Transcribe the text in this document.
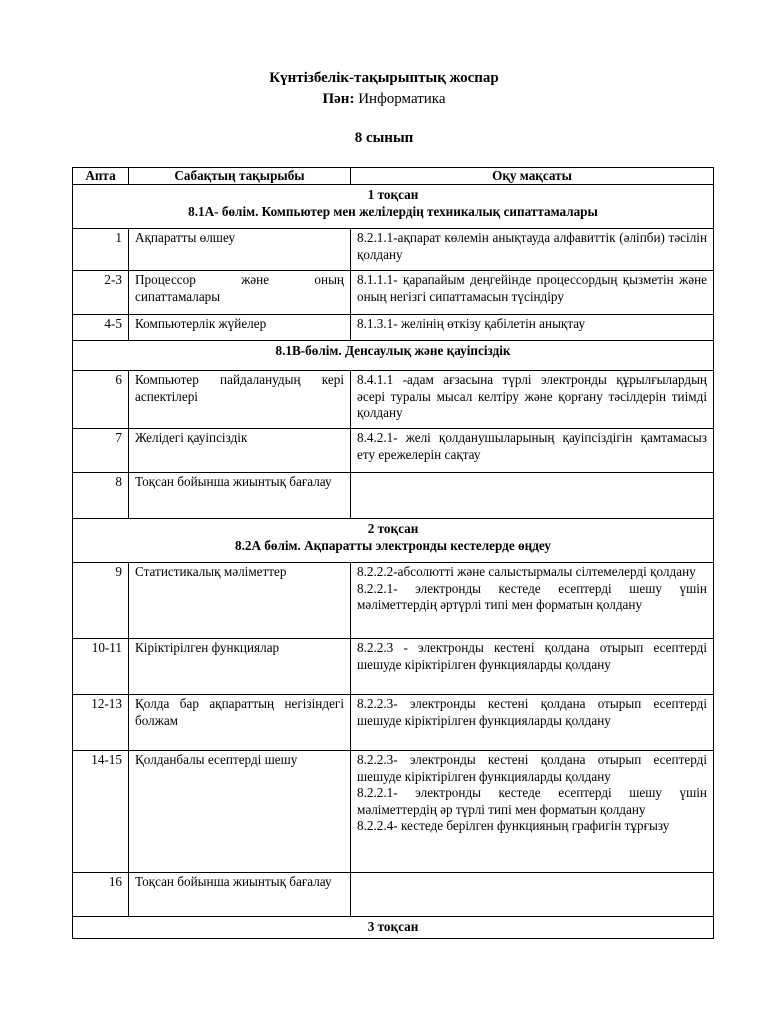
Күнтізбелік-тақырыптық жоспар
Пән: Информатика
8 сынып
Апта	Сабақтың тақырыбы	Оқу мақсаты

1 тоқсан
8.1А- бөлім. Компьютер мен желілердің техникалық сипаттамалары		

1	Ақпаратты өлшеу	8.2.1.1-ақпарат көлемін анықтауда алфавиттік (әліпби) тәсілін қолдану

2-3	Процессор және оның сипаттамалары	8.1.1.1- қарапайым деңгейінде процессордың қызметін және оның негізгі сипаттамасын түсіндіру

4-5	Компьютерлік жүйелер	8.1.3.1- желінің өткізу қабілетін анықтау

8.1В-бөлім. Денсаулық және қауіпсіздік		

6	Компьютер пайдаланудың кері аспектілері	8.4.1.1 -адам ағзасына түрлі электронды құрылғылардың әсері туралы мысал келтіру және қорғану тәсілдерін тиімді қолдану

7	Желідегі қауіпсіздік	8.4.2.1- желі қолданушыларының қауіпсіздігін қамтамасыз ету ережелерін сақтау

8	Тоқсан бойынша жиынтық бағалау	

2 тоқсан
8.2А бөлім. Ақпаратты электронды кестелерде өңдеу		

9	Статистикалық мәліметтер	8.2.2.2-абсолютті және салыстырмалы сілтемелерді қолдану
8.2.2.1- электронды кестеде есептерді шешу үшін мәліметтердің әртүрлі типі мен форматын қолдану

10-11	Кіріктірілген функциялар	8.2.2.3 - электронды кестені қолдана отырып есептерді шешуде кіріктірілген функцияларды қолдану

12-13	Қолда бар ақпараттың негізіндегі болжам	8.2.2.3- электронды кестені қолдана отырып есептерді шешуде кіріктірілген функцияларды қолдану

14-15	Қолданбалы есептерді шешу	8.2.2.3- электронды кестені қолдана отырып есептерді шешуде кіріктірілген функцияларды қолдану
8.2.2.1- электронды кестеде есептерді шешу үшін мәліметтердің әр түрлі типі мен форматын қолдану
8.2.2.4- кестеде берілген функцияның графигін тұрғызу

16	Тоқсан бойынша жиынтық бағалау	

3 тоқсан		
